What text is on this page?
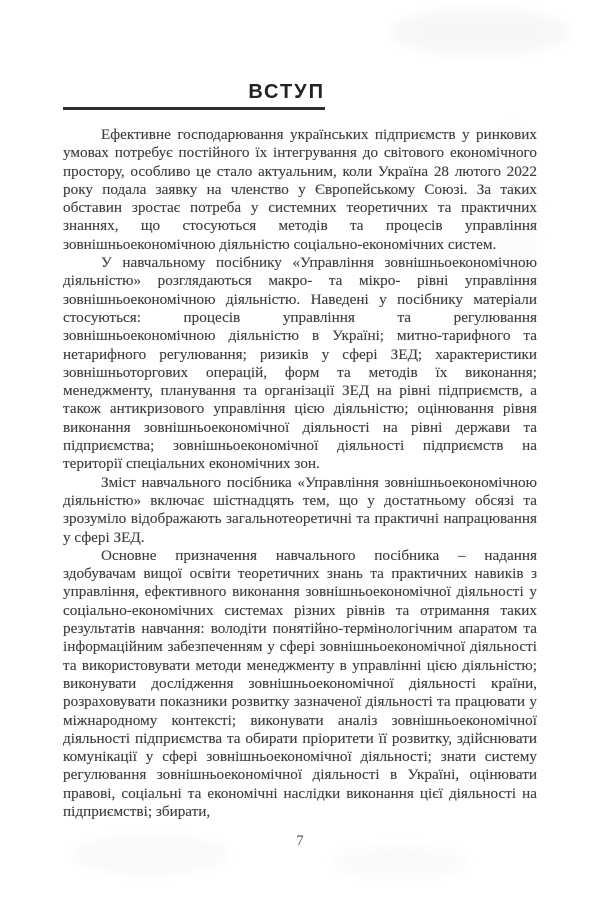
ВСТУП

Ефективне господарювання українських підприємств у ринкових умовах потребує постійного їх інтегрування до світового економічного простору, особливо це стало актуальним, коли Україна 28 лютого 2022 року подала заявку на членство у Європейському Союзі. За таких обставин зростає потреба у системних теоретичних та практичних знаннях, що стосуються методів та процесів управління зовнішньоекономічною діяльністю соціально-економічних систем.

У навчальному посібнику «Управління зовнішньоекономічною діяльністю» розглядаються макро- та мікро- рівні управління зовнішньоекономічною діяльністю. Наведені у посібнику матеріали стосуються: процесів управління та регулювання зовнішньоекономічною діяльністю в Україні; митно-тарифного та нетарифного регулювання; ризиків у сфері ЗЕД; характеристики зовнішньоторгових операцій, форм та методів їх виконання; менеджменту, планування та організації ЗЕД на рівні підприємств, а також антикризового управління цією діяльністю; оцінювання рівня виконання зовнішньоекономічної діяльності на рівні держави та підприємства; зовнішньоекономічної діяльності підприємств на території спеціальних економічних зон.

Зміст навчального посібника «Управління зовнішньоекономічною діяльністю» включає шістнадцять тем, що у достатньому обсязі та зрозуміло відображають загальнотеоретичні та практичні напрацювання у сфері ЗЕД.

Основне призначення навчального посібника – надання здобувачам вищої освіти теоретичних знань та практичних навиків з управління, ефективного виконання зовнішньоекономічної діяльності у соціально-економічних системах різних рівнів та отримання таких результатів навчання: володіти понятійно-термінологічним апаратом та інформаційним забезпеченням у сфері зовнішньоекономічної діяльності та використовувати методи менеджменту в управлінні цією діяльністю; виконувати дослідження зовнішньоекономічної діяльності країни, розраховувати показники розвитку зазначеної діяльності та працювати у міжнародному контексті; виконувати аналіз зовнішньоекономічної діяльності підприємства та обирати пріоритети її розвитку, здійснювати комунікації у сфері зовнішньоекономічної діяльності; знати систему регулювання зовнішньоекономічної діяльності в Україні, оцінювати правові, соціальні та економічні наслідки виконання цієї діяльності на підприємстві; збирати,

7
